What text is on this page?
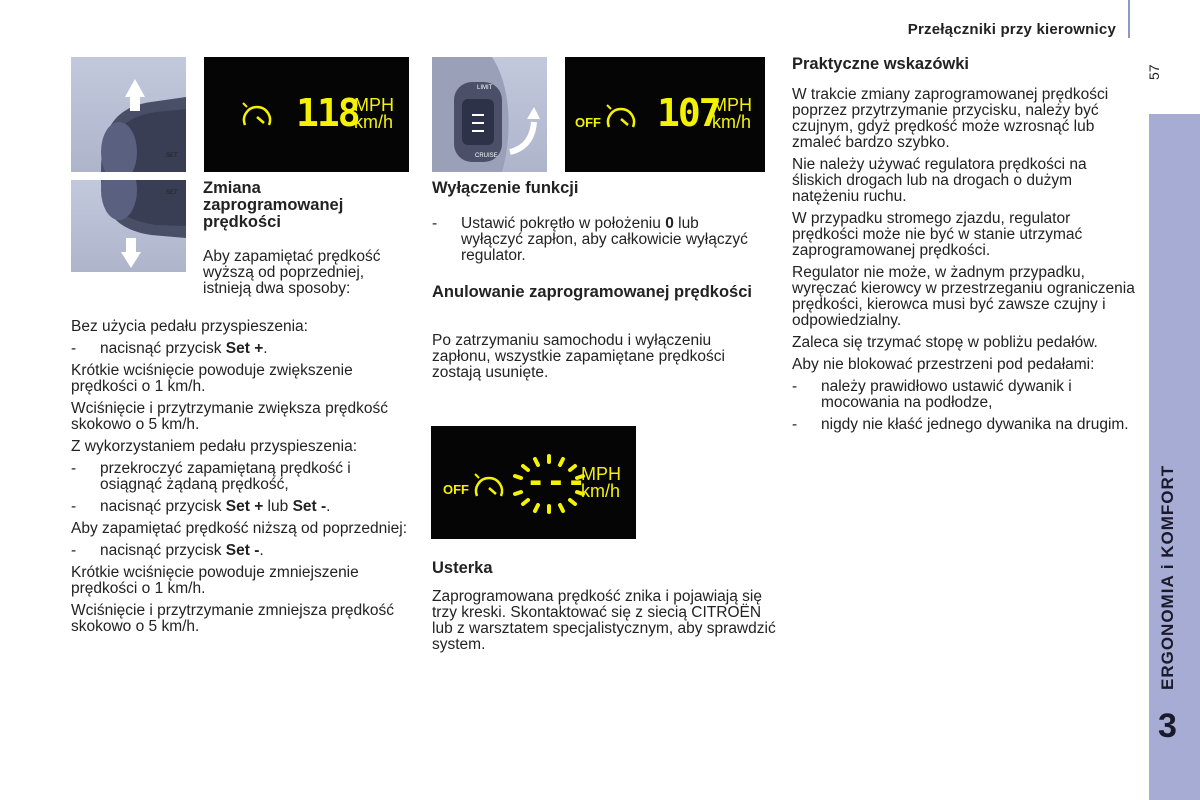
Przełączniki przy kierownicy
57
ERGONOMIA i KOMFORT
3
SET
SET
118
MPH
km/h
LIMIT
CRUISE
OFF 107
MPH
km/h
OFF ---
MPH
km/h
Zmiana zaprogramowanej prędkości
Aby zapamiętać prędkość wyższą od poprzedniej, istnieją dwa sposoby:
Bez użycia pedału przyspieszenia:
- nacisnąć przycisk Set +.
Krótkie wciśnięcie powoduje zwiększenie prędkości o 1 km/h.
Wciśnięcie i przytrzymanie zwiększa prędkość skokowo o 5 km/h.
Z wykorzystaniem pedału przyspieszenia:
- przekroczyć zapamiętaną prędkość i osiągnąć żądaną prędkość,
- nacisnąć przycisk Set + lub Set -.
Aby zapamiętać prędkość niższą od poprzedniej:
- nacisnąć przycisk Set -.
Krótkie wciśnięcie powoduje zmniejszenie prędkości o 1 km/h.
Wciśnięcie i przytrzymanie zmniejsza prędkość skokowo o 5 km/h.
Wyłączenie funkcji
- Ustawić pokrętło w położeniu 0 lub wyłączyć zapłon, aby całkowicie wyłączyć regulator.
Anulowanie zaprogramowanej prędkości
Po zatrzymaniu samochodu i wyłączeniu zapłonu, wszystkie zapamiętane prędkości zostają usunięte.
Usterka
Zaprogramowana prędkość znika i pojawiają się trzy kreski. Skontaktować się z siecią CITROËN lub z warsztatem specjalistycznym, aby sprawdzić system.
Praktyczne wskazówki
W trakcie zmiany zaprogramowanej prędkości poprzez przytrzymanie przycisku, należy być czujnym, gdyż prędkość może wzrosnąć lub zmaleć bardzo szybko.
Nie należy używać regulatora prędkości na śliskich drogach lub na drogach o dużym natężeniu ruchu.
W przypadku stromego zjazdu, regulator prędkości może nie być w stanie utrzymać zaprogramowanej prędkości.
Regulator nie może, w żadnym przypadku, wyręczać kierowcy w przestrzeganiu ograniczenia prędkości, kierowca musi być zawsze czujny i odpowiedzialny.
Zaleca się trzymać stopę w pobliżu pedałów.
Aby nie blokować przestrzeni pod pedałami:
- należy prawidłowo ustawić dywanik i mocowania na podłodze,
- nigdy nie kłaść jednego dywanika na drugim.
